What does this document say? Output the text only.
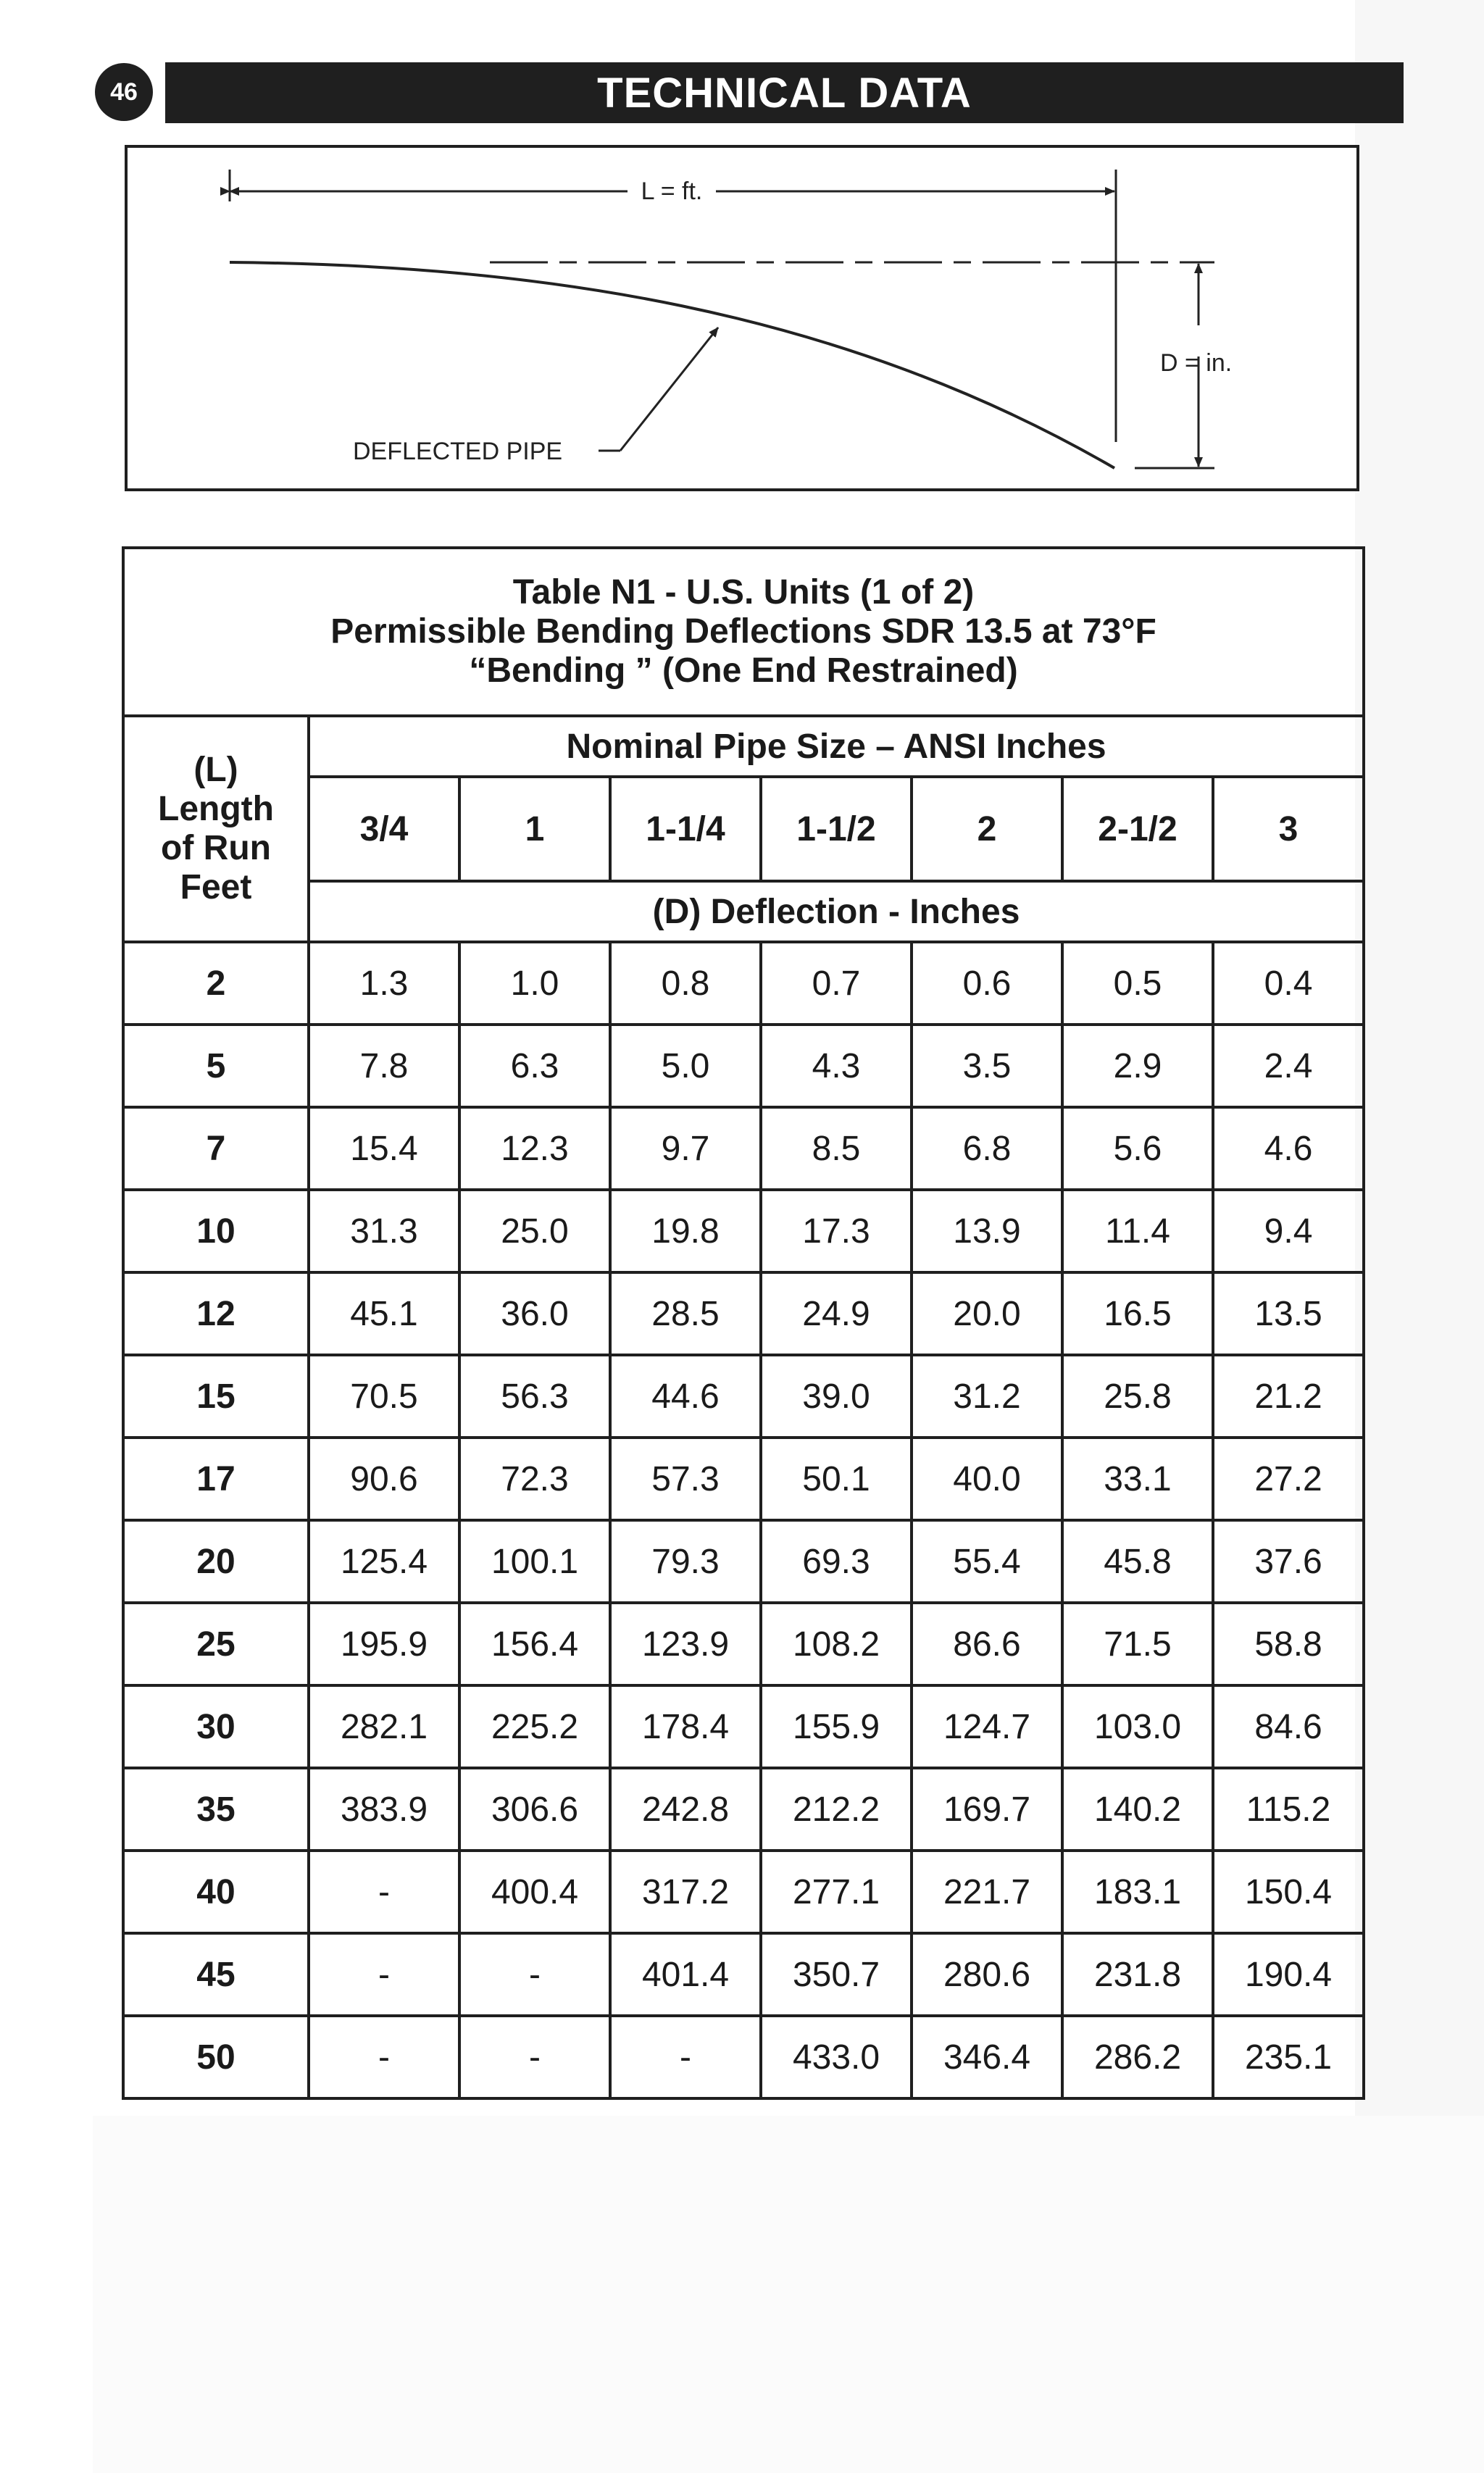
46	TECHNICAL DATA
L = ft.
D = in.
DEFLECTED PIPE
Table N1 - U.S. Units (1 of 2)
Permissible Bending Deflections SDR 13.5 at 73°F
“Bending ” (One End Restrained)							

(L)
Length
of Run
Feet	Nominal Pipe Size – ANSI Inches						
	3/4	1	1-1/4	1-1/2	2	2-1/2	3
	(D) Deflection - Inches						
2	1.3	1.0	0.8	0.7	0.6	0.5	0.4
5	7.8	6.3	5.0	4.3	3.5	2.9	2.4
7	15.4	12.3	9.7	8.5	6.8	5.6	4.6
10	31.3	25.0	19.8	17.3	13.9	11.4	9.4
12	45.1	36.0	28.5	24.9	20.0	16.5	13.5
15	70.5	56.3	44.6	39.0	31.2	25.8	21.2
17	90.6	72.3	57.3	50.1	40.0	33.1	27.2
20	125.4	100.1	79.3	69.3	55.4	45.8	37.6
25	195.9	156.4	123.9	108.2	86.6	71.5	58.8
30	282.1	225.2	178.4	155.9	124.7	103.0	84.6
35	383.9	306.6	242.8	212.2	169.7	140.2	115.2
40	-	400.4	317.2	277.1	221.7	183.1	150.4
45	-	-	401.4	350.7	280.6	231.8	190.4
50	-	-	-	433.0	346.4	286.2	235.1
